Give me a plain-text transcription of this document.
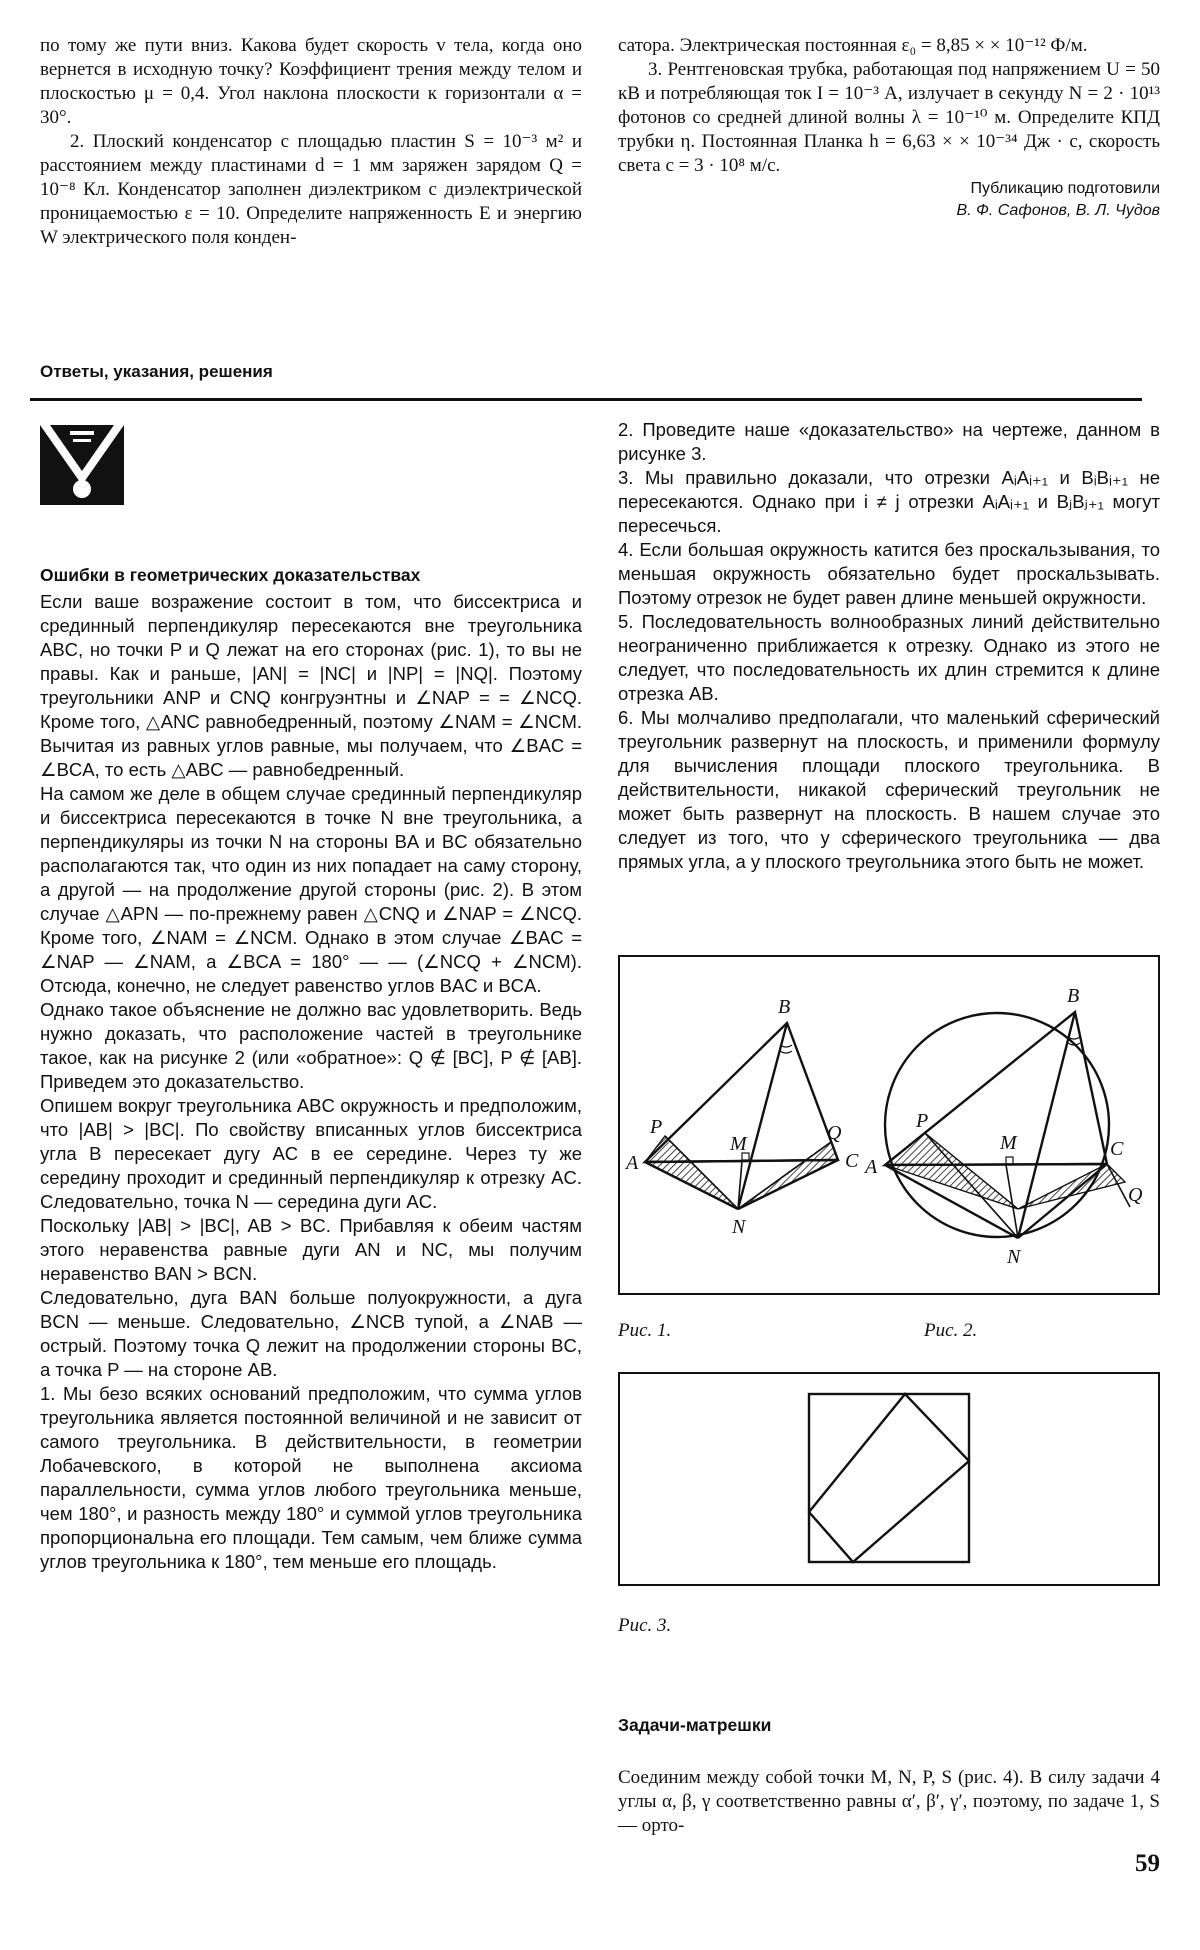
по тому же пути вниз. Какова будет скорость v тела, когда оно вернется в исходную точку? Коэффициент трения между телом и плоскостью μ = 0,4. Угол наклона плоскости к горизонтали α = 30°.

2. Плоский конденсатор с площадью пластин S = 10⁻³ м² и расстоянием между пластинами d = 1 мм заряжен зарядом Q = 10⁻⁸ Кл. Конденсатор заполнен диэлектриком с диэлектрической проницаемостью ε = 10. Определите напряженность E и энергию W электрического поля конден-

сатора. Электрическая постоянная ε₀ = 8,85 × × 10⁻¹² Ф/м.

3. Рентгеновская трубка, работающая под напряжением U = 50 кВ и потребляющая ток I = 10⁻³ А, излучает в секунду N = 2 · 10¹³ фотонов со средней длиной волны λ = 10⁻¹⁰ м. Определите КПД трубки η. Постоянная Планка h = 6,63 × × 10⁻³⁴ Дж · с, скорость света c = 3 · 10⁸ м/с.

Публикацию подготовили
В. Ф. Сафонов, В. Л. Чудов
Ответы, указания, решения
Ошибки в геометрических доказательствах

Если ваше возражение состоит в том, что биссектриса и срединный перпендикуляр пересекаются вне треугольника ABC, но точки P и Q лежат на его сторонах (рис. 1), то вы не правы. Как и раньше, |AN| = |NC| и |NP| = |NQ|. Поэтому треугольники ANP и CNQ конгруэнтны и ∠NAP = = ∠NCQ. Кроме того, △ANC равнобедренный, поэтому ∠NAM = ∠NCM. Вычитая из равных углов равные, мы получаем, что ∠BAC = ∠BCA, то есть △ABC — равнобедренный.

На самом же деле в общем случае срединный перпендикуляр и биссектриса пересекаются в точке N вне треугольника, а перпендикуляры из точки N на стороны BA и BC обязательно располагаются так, что один из них попадает на саму сторону, а другой — на продолжение другой стороны (рис. 2). В этом случае △APN — по-прежнему равен △CNQ и ∠NAP = ∠NCQ. Кроме того, ∠NAM = ∠NCM. Однако в этом случае ∠BAC = ∠NAP — ∠NAM, а ∠BCA = 180° — — (∠NCQ + ∠NCM). Отсюда, конечно, не следует равенство углов BAC и BCA.

Однако такое объяснение не должно вас удовлетворить. Ведь нужно доказать, что расположение частей в треугольнике такое, как на рисунке 2 (или «обратное»: Q ∉ [BC], P ∉ [AB]. Приведем это доказательство.

Опишем вокруг треугольника ABC окружность и предположим, что |AB| > |BC|. По свойству вписанных углов биссектриса угла B пересекает дугу AC в ее середине. Через ту же середину проходит и срединный перпендикуляр к отрезку AC. Следовательно, точка N — середина дуги AC.

Поскольку |AB| > |BC|, AB > BC. Прибавляя к обеим частям этого неравенства равные дуги AN и NC, мы получим неравенство BAN > BCN.

Следовательно, дуга BAN больше полуокружности, а дуга BCN — меньше. Следовательно, ∠NCB тупой, а ∠NAB — острый. Поэтому точка Q лежит на продолжении стороны BC, а точка P — на стороне AB.

1. Мы безо всяких оснований предположим, что сумма углов треугольника является постоянной величиной и не зависит от самого треугольника. В действительности, в геометрии Лобачевского, в которой не выполнена аксиома параллельности, сумма углов любого треугольника меньше, чем 180°, и разность между 180° и суммой углов треугольника пропорциональна его площади. Тем самым, чем ближе сумма углов треугольника к 180°, тем меньше его площадь.

2. Проведите наше «доказательство» на чертеже, данном в рисунке 3.

3. Мы правильно доказали, что отрезки AᵢAᵢ₊₁ и BᵢBᵢ₊₁ не пересекаются. Однако при i ≠ j отрезки AᵢAᵢ₊₁ и BⱼBⱼ₊₁ могут пересечься.

4. Если большая окружность катится без проскальзывания, то меньшая окружность обязательно будет проскальзывать. Поэтому отрезок не будет равен длине меньшей окружности.

5. Последовательность волнообразных линий действительно неограниченно приближается к отрезку. Однако из этого не следует, что последовательность их длин стремится к длине отрезка AB.

6. Мы молчаливо предполагали, что маленький сферический треугольник развернут на плоскость, и применили формулу для вычисления площади плоского треугольника. В действительности, никакой сферический треугольник не может быть развернут на плоскость. В нашем случае это следует из того, что у сферического треугольника — два прямых угла, а у плоского треугольника этого быть не может.

A
B
C
P
M	Q
N
A
B
C
P
M
Q
N
Рис. 1.	Рис. 2.
Рис. 3.
Задачи-матрешки

Соединим между собой точки M, N, P, S (рис. 4). В силу задачи 4 углы α, β, γ соответственно равны α′, β′, γ′, поэтому, по задаче 1, S — орто-

59
